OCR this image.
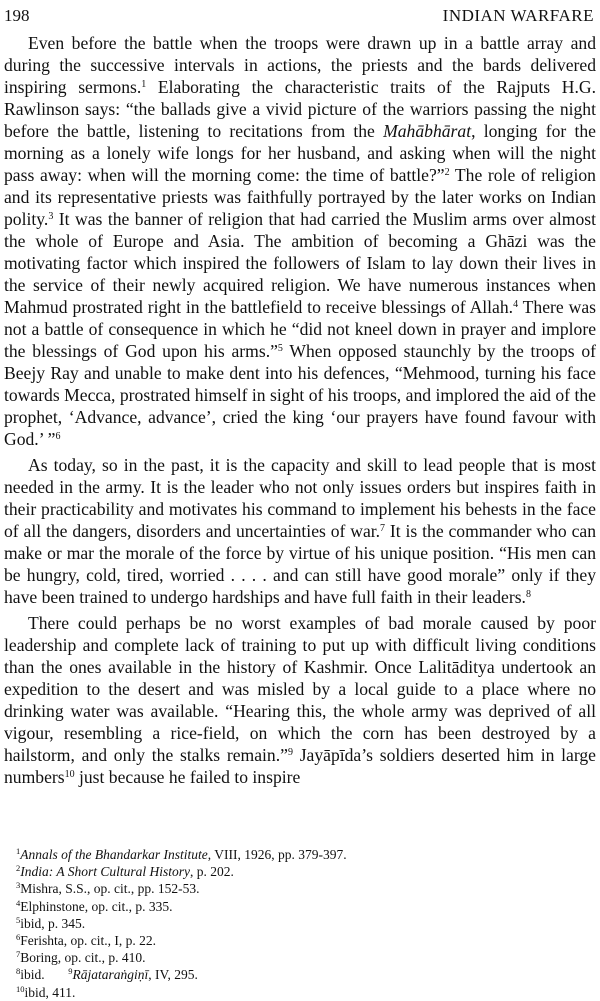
198	INDIAN WARFARE

Even before the battle when the troops were drawn up in a battle array and during the successive intervals in actions, the priests and the bards delivered inspiring sermons.$^1$ Elaborating the characteristic traits of the Rajputs H.G. Rawlinson says: “the ballads give a vivid picture of the warriors passing the night before the battle, listening to recitations from the Mahābhārat, longing for the morning as a lonely wife longs for her husband, and asking when will the night pass away: when will the morning come: the time of battle?”$^2$ The role of religion and its representative priests was faithfully portrayed by the later works on Indian polity.$^3$ It was the banner of religion that had carried the Muslim arms over almost the whole of Europe and Asia. The ambition of becoming a Ghāzi was the motivating factor which inspired the followers of Islam to lay down their lives in the service of their newly acquired religion. We have numerous instances when Mahmud prostrated right in the battlefield to receive blessings of Allah.$^4$ There was not a battle of consequence in which he “did not kneel down in prayer and implore the blessings of God upon his arms.”$^5$ When opposed staunchly by the troops of Beejy Ray and unable to make dent into his defences, “Mehmood, turning his face towards Mecca, prostrated himself in sight of his troops, and implored the aid of the prophet, ‘Advance, advance’, cried the king ‘our prayers have found favour with God.’ ”$^6$

As today, so in the past, it is the capacity and skill to lead people that is most needed in the army. It is the leader who not only issues orders but inspires faith in their practicability and motivates his command to implement his behests in the face of all the dangers, disorders and uncertainties of war.$^7$ It is the commander who can make or mar the morale of the force by virtue of his unique position. “His men can be hungry, cold, tired, worried . . . . and can still have good morale” only if they have been trained to undergo hardships and have full faith in their leaders.$^8$

There could perhaps be no worst examples of bad morale caused by poor leadership and complete lack of training to put up with difficult living conditions than the ones available in the history of Kashmir. Once Lalitāditya undertook an expedition to the desert and was misled by a local guide to a place where no drinking water was available. “Hearing this, the whole army was deprived of all vigour, resembling a rice-field, on which the corn has been destroyed by a hailstorm, and only the stalks remain.”$^9$ Jayāpīda’s soldiers deserted him in large numbers$^{10}$ just because he failed to inspire

$^1$Annals of the Bhandarkar Institute, VIII, 1926, pp. 379-397.
$^2$India: A Short Cultural History, p. 202.
$^3$Mishra, S.S., op. cit., pp. 152-53.
$^4$Elphinstone, op. cit., p. 335.
$^5$ibid, p. 345.
$^6$Ferishta, op. cit., I, p. 22.
$^7$Boring, op. cit., p. 410.
$^8$ibid.       $^9$Rājataraṅgiṇī, IV, 295.
$^{10}$ibid, 411.
